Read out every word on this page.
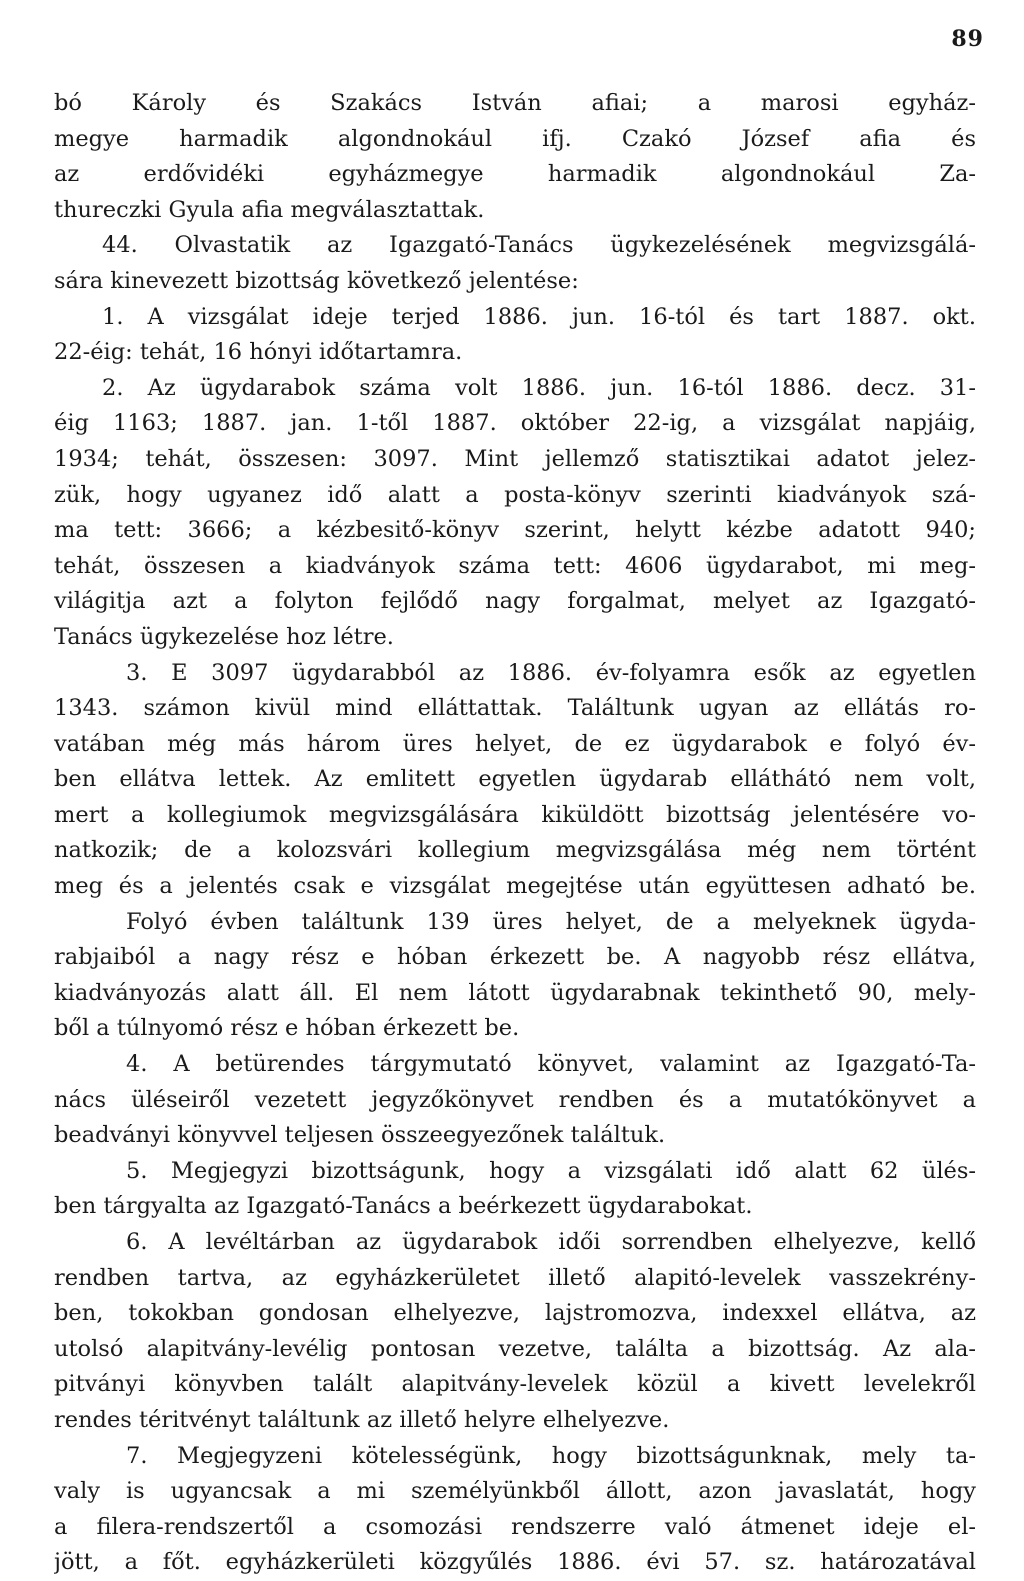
89
bó Károly és Szakács István afiai; a marosi egyház-
megye harmadik algondnokául ifj. Czakó József afia és
az erdővidéki egyházmegye harmadik algondnokául Za-
thureczki Gyula afia megválasztattak.
44. Olvastatik az Igazgató-Tanács ügykezelésének megvizsgálá-
sára kinevezett bizottság következő jelentése:
1. A vizsgálat ideje terjed 1886. jun. 16-tól és tart 1887. okt.
22-éig: tehát, 16 hónyi időtartamra.
2. Az ügydarabok száma volt 1886. jun. 16-tól 1886. decz. 31-
éig 1163; 1887. jan. 1-től 1887. október 22-ig, a vizsgálat napjáig,
1934; tehát, összesen: 3097. Mint jellemző statisztikai adatot jelez-
zük, hogy ugyanez idő alatt a posta-könyv szerinti kiadványok szá-
ma tett: 3666; a kézbesitő-könyv szerint, helytt kézbe adatott 940;
tehát, összesen a kiadványok száma tett: 4606 ügydarabot, mi meg-
világitja azt a folyton fejlődő nagy forgalmat, melyet az Igazgató-
Tanács ügykezelése hoz létre.
3. E 3097 ügydarabból az 1886. év-folyamra esők az egyetlen
1343. számon kivül mind elláttattak. Találtunk ugyan az ellátás ro-
vatában még más három üres helyet, de ez ügydarabok e folyó év-
ben ellátva lettek. Az emlitett egyetlen ügydarab elláthátó nem volt,
mert a kollegiumok megvizsgálására kiküldött bizottság jelentésére vo-
natkozik; de a kolozsvári kollegium megvizsgálása még nem történt
meg és a jelentés csak e vizsgálat megejtése után együttesen adható be.
Folyó évben találtunk 139 üres helyet, de a melyeknek ügyda-
rabjaiból a nagy rész e hóban érkezett be. A nagyobb rész ellátva,
kiadványozás alatt áll. El nem látott ügydarabnak tekinthető 90, mely-
ből a túlnyomó rész e hóban érkezett be.
4. A betürendes tárgymutató könyvet, valamint az Igazgató-Ta-
nács üléseiről vezetett jegyzőkönyvet rendben és a mutatókönyvet a
beadványi könyvvel teljesen összeegyezőnek találtuk.
5. Megjegyzi bizottságunk, hogy a vizsgálati idő alatt 62 ülés-
ben tárgyalta az Igazgató-Tanács a beérkezett ügydarabokat.
6. A levéltárban az ügydarabok idői sorrendben elhelyezve, kellő
rendben tartva, az egyházkerületet illető alapitó-levelek vasszekrény-
ben, tokokban gondosan elhelyezve, lajstromozva, indexxel ellátva, az
utolsó alapitvány-levélig pontosan vezetve, találta a bizottság. Az ala-
pitványi könyvben talált alapitvány-levelek közül a kivett levelekről
rendes téritvényt találtunk az illető helyre elhelyezve.
7. Megjegyzeni kötelességünk, hogy bizottságunknak, mely ta-
valy is ugyancsak a mi személyünkből állott, azon javaslatát, hogy
a filera-rendszertől a csomozási rendszerre való átmenet ideje el-
jött, a főt. egyházkerületi közgyűlés 1886. évi 57. sz. határozatával
